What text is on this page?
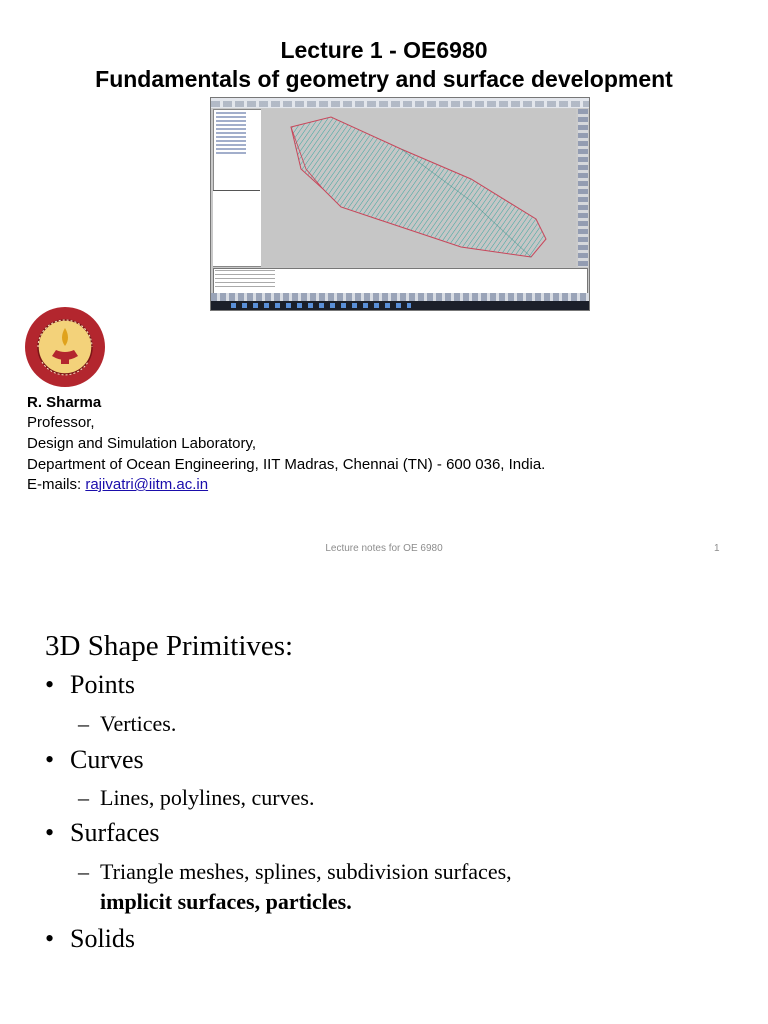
Lecture 1 - OE6980
Fundamentals of geometry and surface development
R. Sharma
Professor,
Design and Simulation Laboratory,
Department of Ocean Engineering, IIT Madras, Chennai (TN) - 600 036, India.
E-mails: rajivatri@iitm.ac.in
Lecture notes for OE 6980	1
3D Shape Primitives:
• Points
– Vertices.
• Curves
– Lines, polylines, curves.
• Surfaces
– Triangle meshes, splines, subdivision surfaces,
implicit surfaces, particles.
• Solids
